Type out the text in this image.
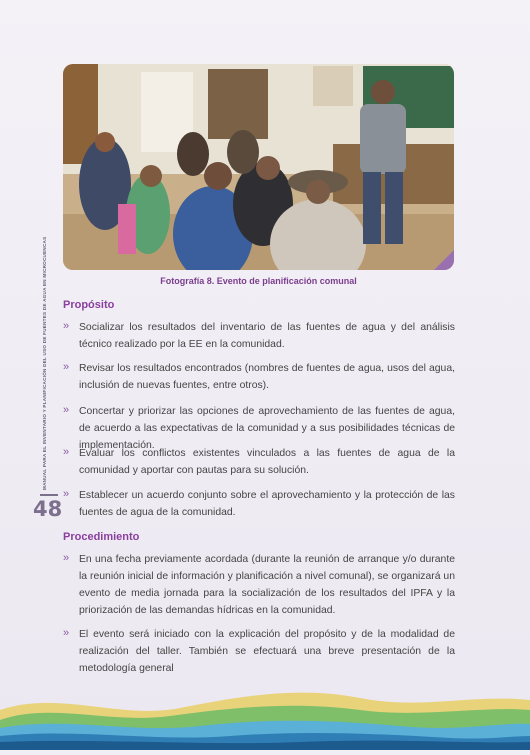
MANUAL PARA EL INVENTARIO Y PLANIFICACIÓN DEL USO DE FUENTES DE AGUA EN MICROCUENCAS
48
Fotografía 8. Evento de planificación comunal
Propósito
» Socializar los resultados del inventario de las fuentes de agua y del análisis técnico realizado por la EE en la comunidad.
» Revisar los resultados encontrados (nombres de fuentes de agua, usos del agua, inclusión de nuevas fuentes, entre otros).
» Concertar y priorizar las opciones de aprovechamiento de las fuentes de agua, de acuerdo a las expectativas de la comunidad y a sus posibilidades técnicas de implementación.
» Evaluar los conflictos existentes vinculados a las fuentes de agua de la comunidad y aportar con pautas para su solución.
» Establecer un acuerdo conjunto sobre el aprovechamiento y la protección de las fuentes de agua de la comunidad.
Procedimiento
» En una fecha previamente acordada (durante la reunión de arranque y/o durante la reunión inicial de información y planificación a nivel comunal), se organizará un evento de media jornada para la socialización de los resultados del IPFA y la priorización de las demandas hídricas en la comunidad.
» El evento será iniciado con la explicación del propósito y de la modalidad de realización del taller. También se efectuará una breve presentación de la metodología general
